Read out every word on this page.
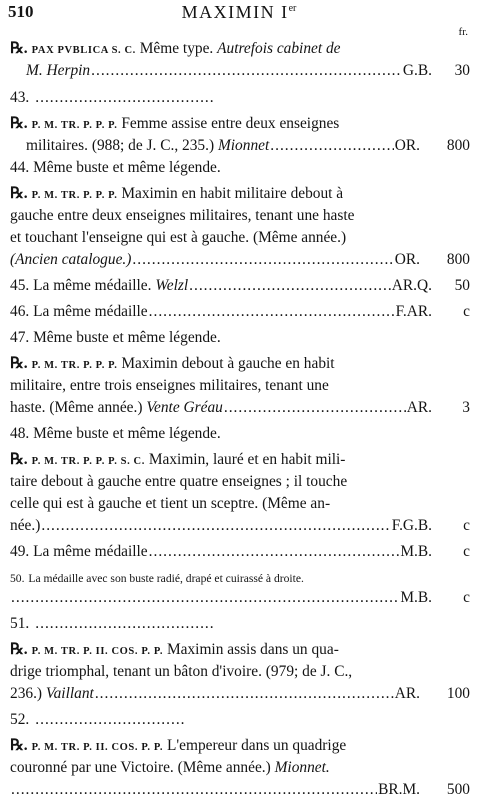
510	MAXIMIN Ier
fr.
℞. PAX PVBLICA S. C. Même type. Autrefois cabinet de
M. Herpin .....	G.B.	30
43.
.....
℞. P. M. TR. P. P. P. Femme assise entre deux enseignes
militaires. (988; de J. C., 235.)
Mionnet .....	OR.	800
44. Même buste et même légende.
℞. P. M. TR. P. P. P. Maximin en habit militaire debout à
gauche entre deux enseignes militaires, tenant une haste
et touchant l'enseigne qui est à gauche. (Même année.)
(Ancien catalogue.) .....	OR.	800
45.
La même médaille.
Welzl .....	AR.Q.	50
46.
La même médaille .....	F.AR.	c
47. Même buste et même légende.
℞. P. M. TR. P. P. P. Maximin debout à gauche en habit
militaire, entre trois enseignes militaires, tenant une
haste. (Même année.)
Vente Gréau .....	AR.	3
48. Même buste et même légende.
℞. P. M. TR. P. P. P. S. C. Maximin, lauré et en habit mili-
taire debout à gauche entre quatre enseignes ; il touche
celle qui est à gauche et tient un sceptre. (Même an-
née.) .....	F.G.B.	c
49.
La même médaille .....	M.B.	c
50. La médaille avec son buste radié, drapé et cuirassé à droite.
.....
M.B.	c
51.
.....
℞. P. M. TR. P. II. COS. P. P. Maximin assis dans un qua-
drige triomphal, tenant un bâton d'ivoire. (979; de J. C.,
236.)
Vaillant .....	AR.	100
52.
.....
℞. P. M. TR. P. II. COS. P. P. L'empereur dans un quadrige
couronné par une Victoire. (Même année.) Mionnet.
.....
BR.M.	500
